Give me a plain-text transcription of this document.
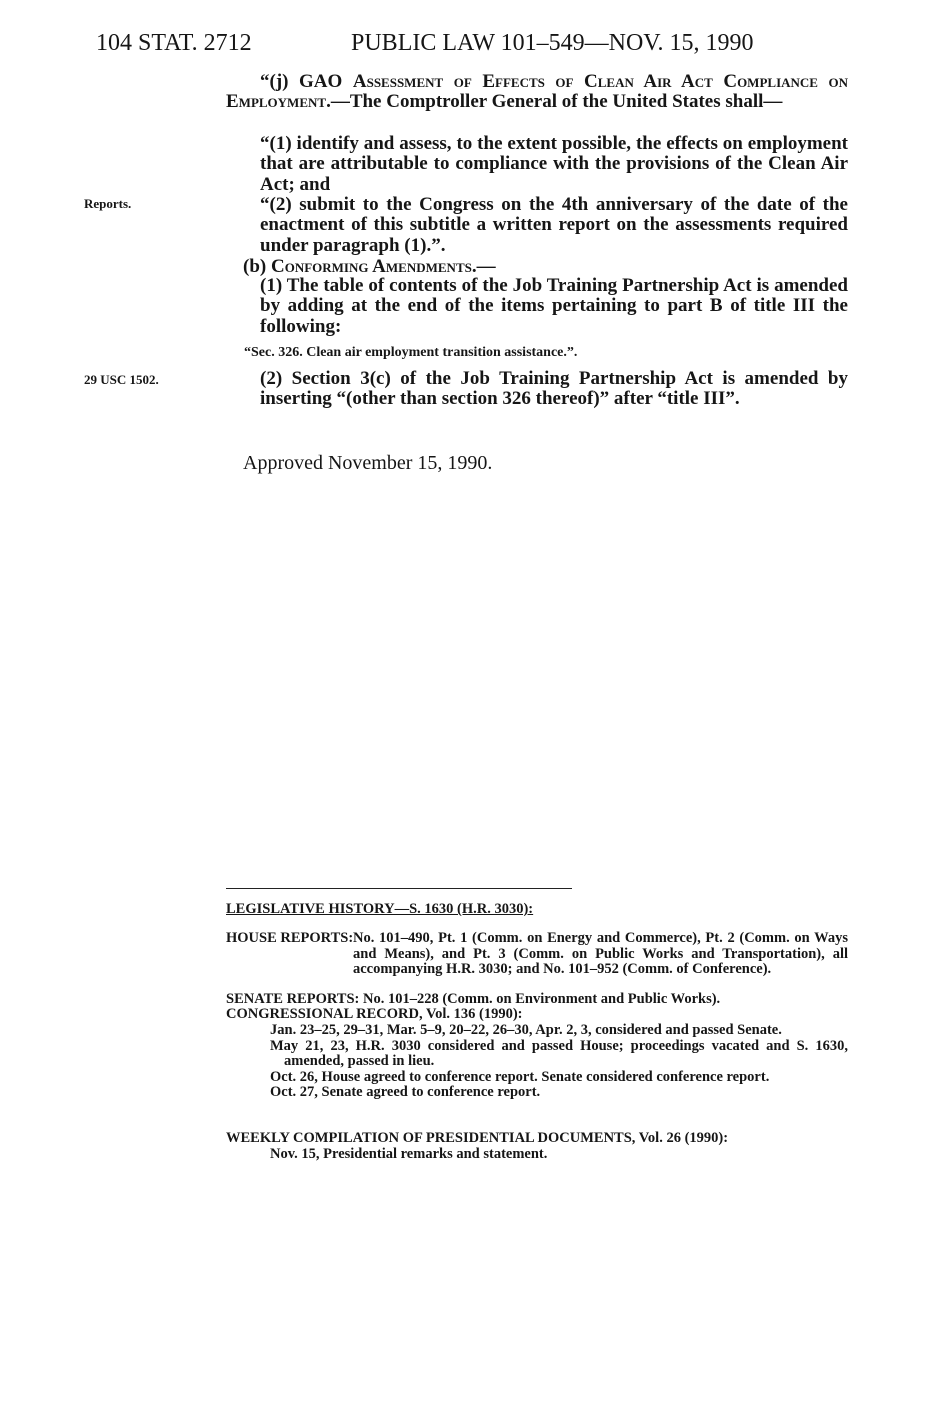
104 STAT. 2712	PUBLIC LAW 101–549—NOV. 15, 1990
Reports.
29 USC 1502.

“(j) GAO Assessment of Effects of Clean Air Act Compliance on Employment.—The Comptroller General of the United States shall—

“(1) identify and assess, to the extent possible, the effects on employment that are attributable to compliance with the provisions of the Clean Air Act; and

“(2) submit to the Congress on the 4th anniversary of the date of the enactment of this subtitle a written report on the assessments required under paragraph (1).”.

(b) Conforming Amendments.—

(1) The table of contents of the Job Training Partnership Act is amended by adding at the end of the items pertaining to part B of title III the following:

“Sec. 326. Clean air employment transition assistance.”.

(2) Section 3(c) of the Job Training Partnership Act is amended by inserting “(other than section 326 thereof)” after “title III”.

Approved November 15, 1990.
LEGISLATIVE HISTORY—S. 1630 (H.R. 3030):
HOUSE REPORTS: No. 101–490, Pt. 1 (Comm. on Energy and Commerce), Pt. 2 (Comm. on Ways and Means), and Pt. 3 (Comm. on Public Works and Transportation), all accompanying H.R. 3030; and No. 101–952 (Comm. of Conference).
SENATE REPORTS: No. 101–228 (Comm. on Environment and Public Works).
CONGRESSIONAL RECORD, Vol. 136 (1990):

Jan. 23–25, 29–31, Mar. 5–9, 20–22, 26–30, Apr. 2, 3, considered and passed Senate.

May 21, 23, H.R. 3030 considered and passed House; proceedings vacated and S. 1630, amended, passed in lieu.

Oct. 26, House agreed to conference report. Senate considered conference report.

Oct. 27, Senate agreed to conference report.

WEEKLY COMPILATION OF PRESIDENTIAL DOCUMENTS, Vol. 26 (1990):
Nov. 15, Presidential remarks and statement.
